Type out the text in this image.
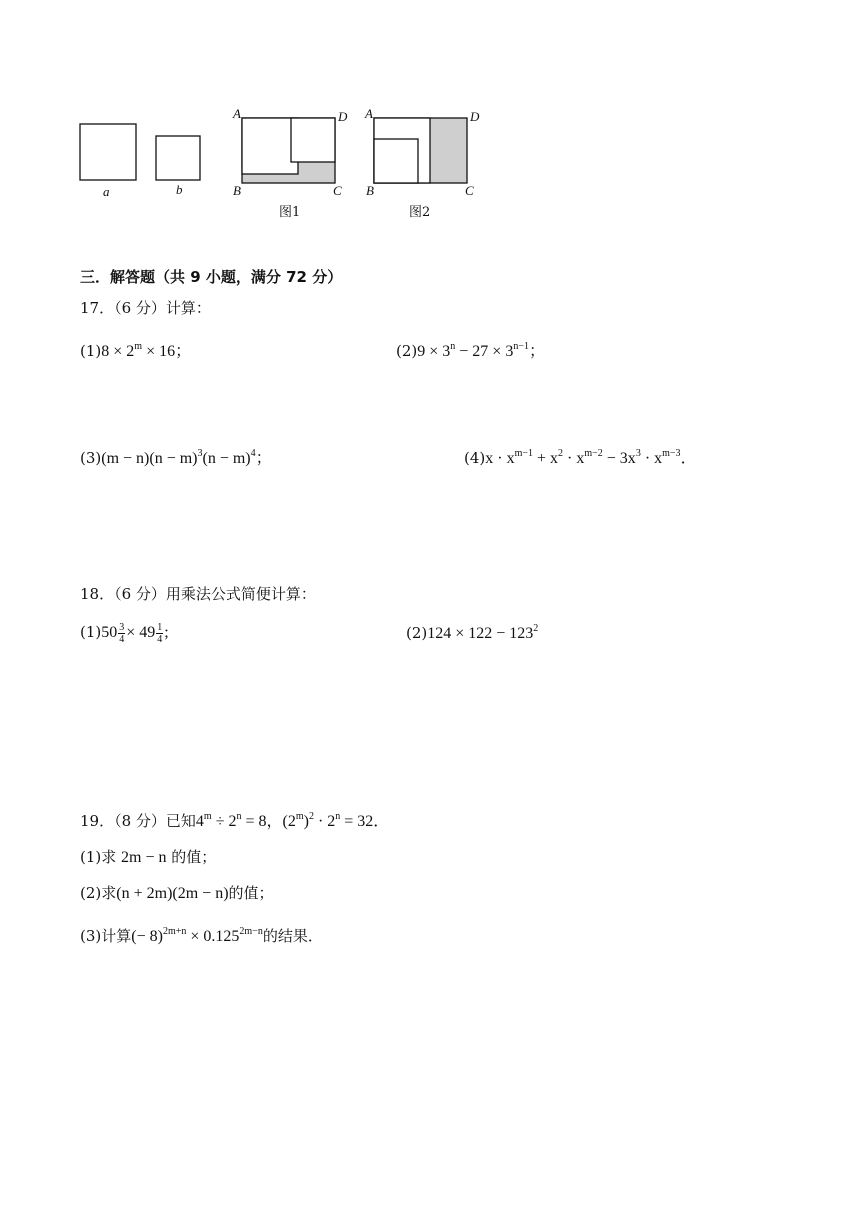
a	b
A	D
B	C
图1
A	D
B	C
图2
三．解答题（共 9 小题，满分 72 分）
17．（6 分）计算：
$(1)8 \times 2^m \times 16$；	$(2)9 \times 3^n - 27 \times 3^{n-1}$；
$(3)(m - n)(n - m)^3(n - m)^4$；	$(4)x \cdot x^{m-1} + x^2 \cdot x^{m-2} - 3x^3 \cdot x^{m-3}$．
18．（6 分）用乘法公式简便计算：
$(1)50 \frac{3}{4} \times 49 \frac{1}{4}$ ;	$(2)124 \times 122 - 123^2$
19．（8 分）已知$4^m \div 2^n = 8$，$(2^m)^2 \cdot 2^n = 32$．
(1)求 2m − n 的值；
(2)求(n + 2m)(2m − n)的值；
(3)计算(− $8)^{2m+n} \times 0.125^{2m-n}$的结果．
